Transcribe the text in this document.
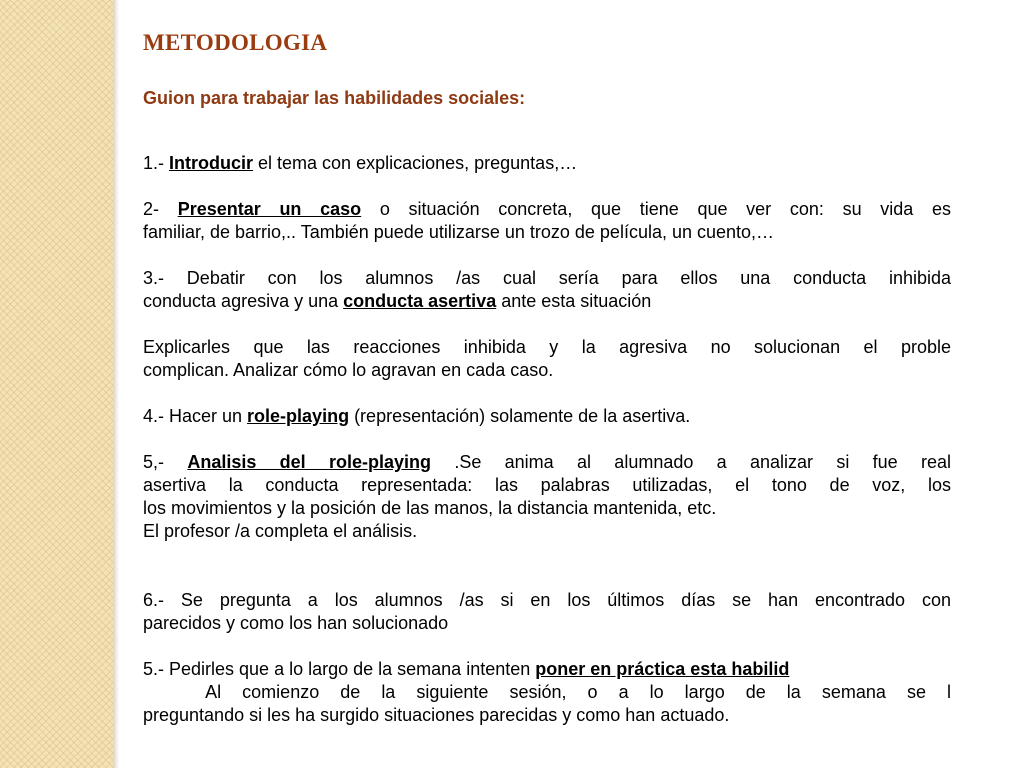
METODOLOGIA
Guion para trabajar las habilidades sociales:

1.- Introducir el tema con explicaciones, preguntas,…

2- Presentar un caso o situación concreta, que tiene que ver con: su vida es

familiar, de barrio,.. También puede utilizarse un trozo de película, un cuento,…

3.- Debatir con los alumnos /as cual sería para ellos una conducta inhibida

conducta agresiva y una conducta asertiva ante esta situación

Explicarles que las reacciones inhibida y la agresiva no solucionan el proble

complican. Analizar cómo lo agravan en cada caso.

4.- Hacer un role-playing (representación) solamente de la asertiva.

5,- Analisis del role-playing .Se anima al alumnado a analizar si fue real

asertiva la conducta representada: las palabras utilizadas, el tono de voz, los

los movimientos y la posición de las manos, la distancia mantenida, etc.

El profesor /a completa el análisis.

6.- Se pregunta a los alumnos /as si en los últimos días se han encontrado con

parecidos y como los han solucionado

5.- Pedirles que a lo largo de la semana intenten poner en práctica esta habilid

Al  comienzo  de  la  siguiente  sesión,  o  a  lo  largo  de  la  semana  se  l

preguntando si les ha surgido situaciones parecidas y como han actuado.
